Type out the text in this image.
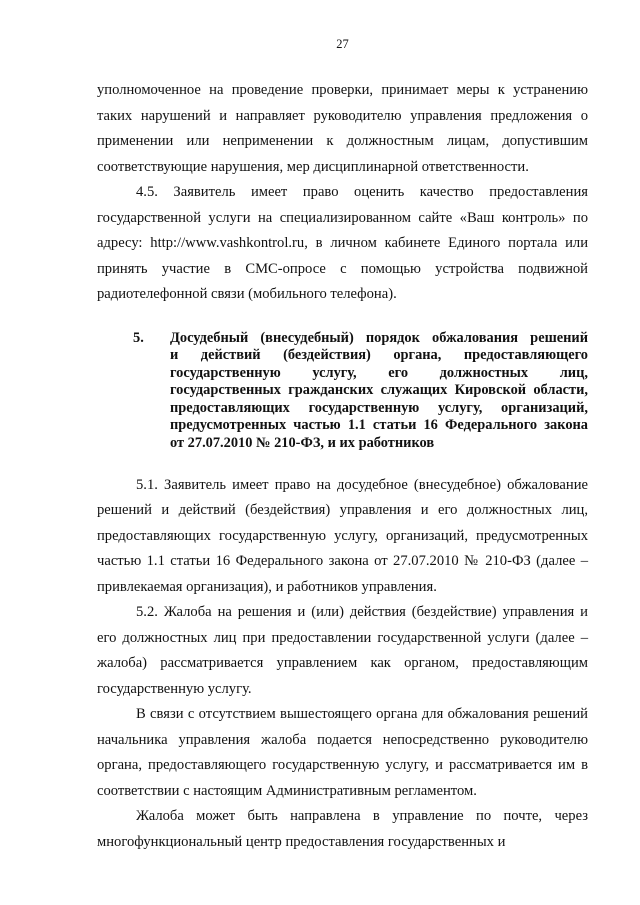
27

уполномоченное на проведение проверки, принимает меры к устранению таких нарушений и направляет руководителю управления предложения о применении или неприменении к должностным лицам, допустившим соответствующие нарушения, мер дисциплинарной ответственности.

4.5. Заявитель имеет право оценить качество предоставления государственной услуги на специализированном сайте «Ваш контроль» по адресу: http://www.vashkontrol.ru, в личном кабинете Единого портала или принять участие в СМС-опросе с помощью устройства подвижной радиотелефонной связи (мобильного телефона).

5.	Досудебный (внесудебный) порядок обжалования решений
и действий (бездействия) органа, предоставляющего
государственную услугу, его должностных лиц,
государственных гражданских служащих Кировской области,
предоставляющих государственную услугу, организаций,
предусмотренных частью 1.1 статьи 16 Федерального закона
от 27.07.2010 № 210-ФЗ, и их работников

5.1. Заявитель имеет право на досудебное (внесудебное) обжалование решений и действий (бездействия) управления и его должностных лиц, предоставляющих государственную услугу, организаций, предусмотренных частью 1.1 статьи 16 Федерального закона от 27.07.2010 № 210-ФЗ (далее – привлекаемая организация), и работников управления.

5.2. Жалоба на решения и (или) действия (бездействие) управления и его должностных лиц при предоставлении государственной услуги (далее – жалоба) рассматривается управлением как органом, предоставляющим государственную услугу.

В связи с отсутствием вышестоящего органа для обжалования решений начальника управления жалоба подается непосредственно руководителю органа, предоставляющего государственную услугу, и рассматривается им в соответствии с настоящим Административным регламентом.

Жалоба может быть направлена в управление по почте, через многофункциональный центр предоставления государственных и
